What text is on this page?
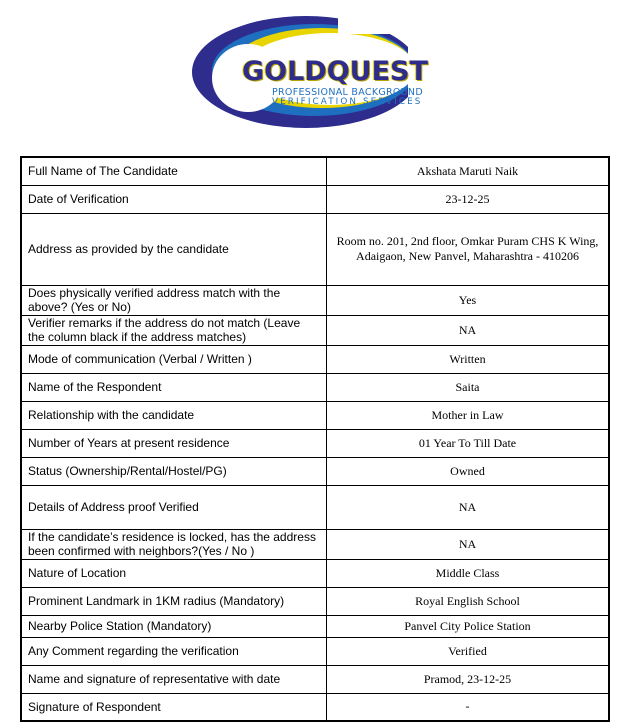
GOLDQUEST
PROFESSIONAL BACKGROUND
VERIFICATION SERVICES
Full Name of The Candidate	Akshata Maruti Naik
Date of Verification	23-12-25
Address as provided by the candidate	Room no. 201, 2nd floor, Omkar Puram CHS K Wing, Adaigaon, New Panvel, Maharashtra - 410206
Does physically verified address match with the above? (Yes or No)	Yes
Verifier remarks if the address do not match (Leave the column black if the address matches)	NA
Mode of communication (Verbal / Written )	Written
Name of the Respondent	Saita
Relationship with the candidate	Mother in Law
Number of Years at present residence	01 Year To Till Date
Status (Ownership/Rental/Hostel/PG)	Owned
Details of Address proof Verified	NA
If the candidate’s residence is locked, has the address been confirmed with neighbors?(Yes / No )	NA
Nature of Location	Middle Class
Prominent Landmark in 1KM radius (Mandatory)	Royal English School
Nearby Police Station (Mandatory)	Panvel City Police Station
Any Comment regarding the verification	Verified
Name and signature of representative with date	Pramod, 23-12-25
Signature of Respondent	-
